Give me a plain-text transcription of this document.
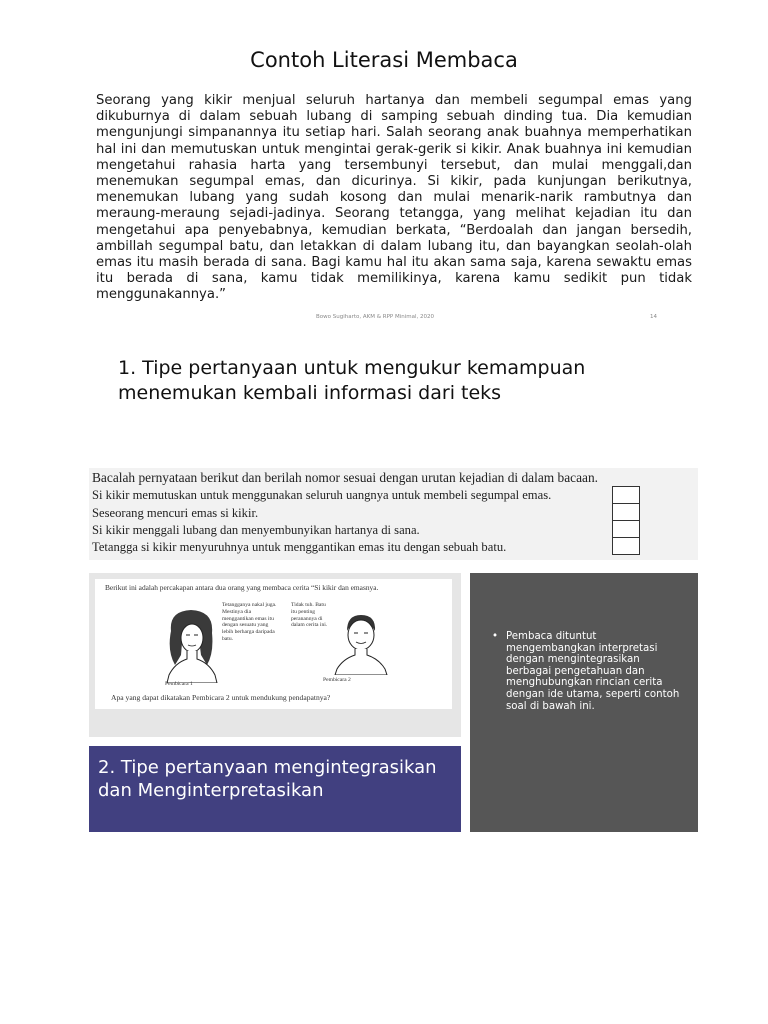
Contoh Literasi Membaca

Seorang yang kikir menjual seluruh hartanya dan membeli segumpal emas yang dikuburnya di dalam sebuah lubang di samping sebuah dinding tua. Dia kemudian mengunjungi simpanannya itu setiap hari. Salah seorang anak buahnya memperhatikan hal ini dan memutuskan untuk mengintai gerak-gerik si kikir. Anak buahnya ini kemudian mengetahui rahasia harta yang tersembunyi tersebut, dan mulai menggali,dan menemukan segumpal emas, dan dicurinya. Si kikir, pada kunjungan berikutnya, menemukan lubang yang sudah kosong dan mulai menarik-narik rambutnya dan meraung-meraung sejadi-jadinya. Seorang tetangga, yang melihat kejadian itu dan mengetahui apa penyebabnya, kemudian berkata, “Berdoalah dan jangan bersedih, ambillah segumpal batu, dan letakkan di dalam lubang itu, dan bayangkan seolah-olah emas itu masih berada di sana. Bagi kamu hal itu akan sama saja, karena sewaktu emas itu berada di sana, kamu tidak memilikinya, karena kamu sedikit pun tidak menggunakannya.”

Bowo Sugiharto, AKM & RPP Minimal, 2020	14
1. Tipe pertanyaan untuk mengukur kemampuan menemukan kembali informasi dari teks
Bacalah pernyataan berikut dan berilah nomor sesuai dengan urutan kejadian di dalam bacaan.
Si kikir memutuskan untuk menggunakan seluruh uangnya untuk membeli segumpal emas.
Seseorang mencuri emas si kikir.
Si kikir menggali lubang dan menyembunyikan hartanya di sana.
Tetangga si kikir menyuruhnya untuk menggantikan emas itu dengan sebuah batu.
Berikut ini adalah percakapan antara dua orang yang membaca cerita “Si kikir dan emasnya.
Tetangganya nakal juga. Mestinya dia menggantikan emas itu dengan sesuatu yang lebih berharga daripada batu.
Pembicara 1
Tidak tuh. Batu itu penting peranannya di dalam cerita ini.
Pembicara 2
Apa yang dapat dikatakan Pembicara 2 untuk mendukung pendapatnya?
• Pembaca dituntut mengembangkan interpretasi dengan mengintegrasikan berbagai pengetahuan dan menghubungkan rincian cerita dengan ide utama, seperti contoh soal di bawah ini.
2. Tipe pertanyaan mengintegrasikan dan Menginterpretasikan
